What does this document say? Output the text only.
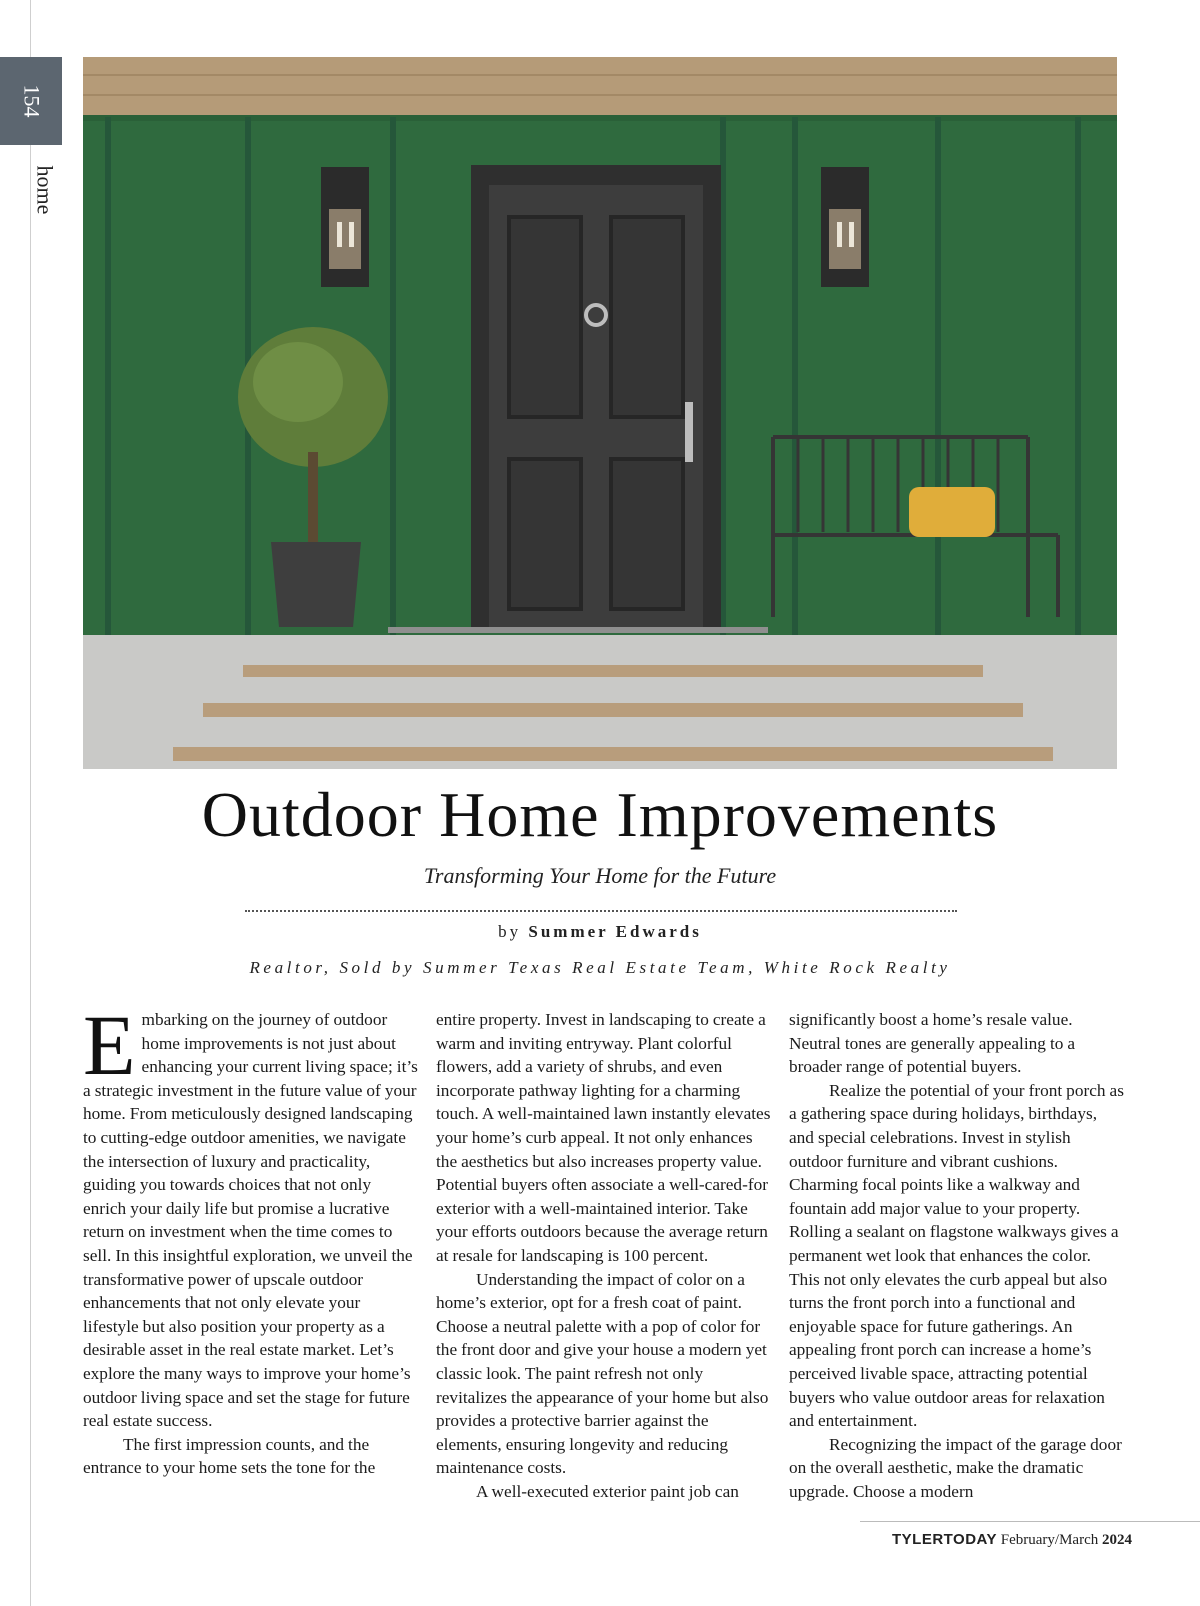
154
home
Outdoor Home Improvements
Transforming Your Home for the Future
by Summer Edwards
Realtor, Sold by Summer Texas Real Estate Team, White Rock Realty

Embarking on the journey of outdoor home improvements is not just about enhancing your current living space; it’s a strategic investment in the future value of your home. From meticulously designed landscaping to cutting-edge outdoor amenities, we navigate the intersection of luxury and practicality, guiding you towards choices that not only enrich your daily life but promise a lucrative return on investment when the time comes to sell. In this insightful exploration, we unveil the transformative power of upscale outdoor enhancements that not only elevate your lifestyle but also position your property as a desirable asset in the real estate market. Let’s explore the many ways to improve your home’s outdoor living space and set the stage for future real estate success.

The first impression counts, and the entrance to your home sets the tone for the

entire property. Invest in landscaping to create a warm and inviting entryway. Plant colorful flowers, add a variety of shrubs, and even incorporate pathway lighting for a charming touch. A well-maintained lawn instantly elevates your home’s curb appeal. It not only enhances the aesthetics but also increases property value. Potential buyers often associate a well-cared-for exterior with a well-maintained interior. Take your efforts outdoors because the average return at resale for landscaping is 100 percent.

Understanding the impact of color on a home’s exterior, opt for a fresh coat of paint. Choose a neutral palette with a pop of color for the front door and give your house a modern yet classic look. The paint refresh not only revitalizes the appearance of your home but also provides a protective barrier against the elements, ensuring longevity and reducing maintenance costs.

A well-executed exterior paint job can

significantly boost a home’s resale value. Neutral tones are generally appealing to a broader range of potential buyers.

Realize the potential of your front porch as a gathering space during holidays, birthdays, and special celebrations. Invest in stylish outdoor furniture and vibrant cushions. Charming focal points like a walkway and fountain add major value to your property. Rolling a sealant on flagstone walkways gives a permanent wet look that enhances the color. This not only elevates the curb appeal but also turns the front porch into a functional and enjoyable space for future gatherings. An appealing front porch can increase a home’s perceived livable space, attracting potential buyers who value outdoor areas for relaxation and entertainment.

Recognizing the impact of the garage door on the overall aesthetic, make the dramatic upgrade. Choose a modern

TYLERTODAY February/March 2024
